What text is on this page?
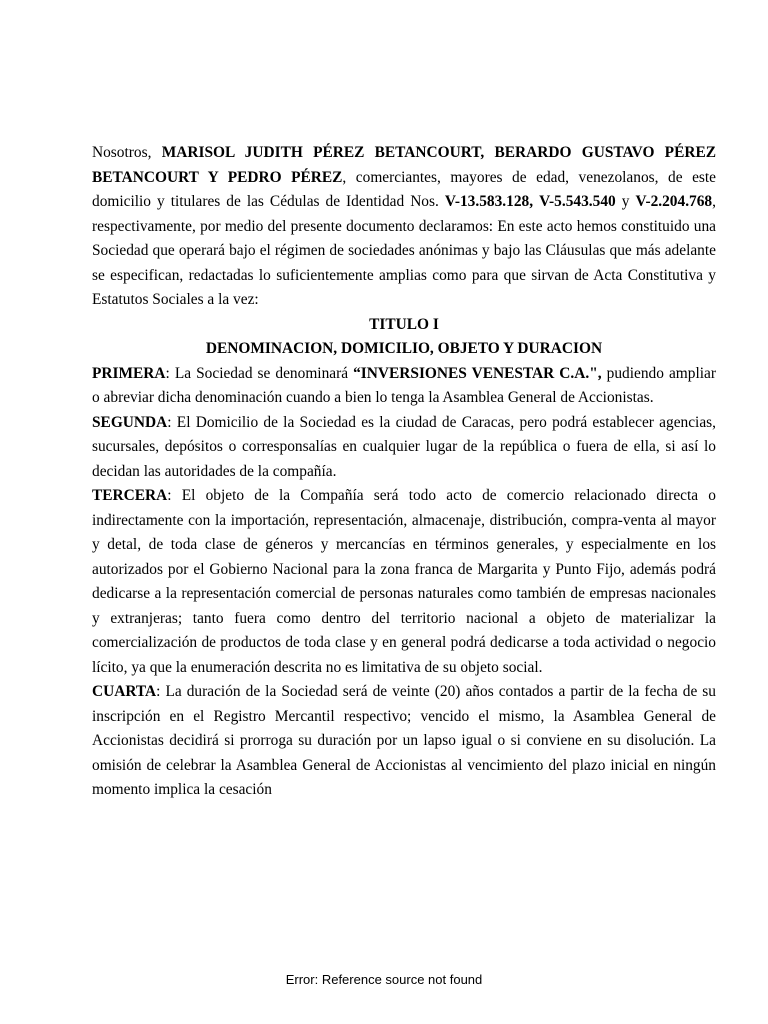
Nosotros, MARISOL JUDITH PÉREZ BETANCOURT, BERARDO GUSTAVO PÉREZ BETANCOURT Y PEDRO PÉREZ, comerciantes, mayores de edad, venezolanos, de este domicilio y titulares de las Cédulas de Identidad Nos. V-13.583.128, V-5.543.540 y V-2.204.768, respectivamente, por medio del presente documento declaramos: En este acto hemos constituido una Sociedad que operará bajo el régimen de sociedades anónimas y bajo las Cláusulas que más adelante se especifican, redactadas lo suficientemente amplias como para que sirvan de Acta Constitutiva y Estatutos Sociales a la vez:

TITULO I

DENOMINACION, DOMICILIO, OBJETO Y DURACION

PRIMERA: La Sociedad se denominará “INVERSIONES VENESTAR C.A.", pudiendo ampliar o abreviar dicha denominación cuando a bien lo tenga la Asamblea General de Accionistas.

SEGUNDA: El Domicilio de la Sociedad es la ciudad de Caracas, pero podrá establecer agencias, sucursales, depósitos o corresponsalías en cualquier lugar de la república o fuera de ella, si así lo decidan las autoridades de la compañía.

TERCERA: El objeto de la Compañía será todo acto de comercio relacionado directa o indirectamente con la importación, representación, almacenaje, distribución, compra-venta al mayor y detal, de toda clase de géneros y mercancías en términos generales, y especialmente en los autorizados por el Gobierno Nacional para la zona franca de Margarita y Punto Fijo, además podrá dedicarse a la representación comercial de personas naturales como también de empresas nacionales y extranjeras; tanto fuera como dentro del territorio nacional a objeto de materializar la comercialización de productos de toda clase y en general podrá dedicarse a toda actividad o negocio lícito, ya que la enumeración descrita no es limitativa de su objeto social.

CUARTA: La duración de la Sociedad será de veinte (20) años contados a partir de la fecha de su inscripción en el Registro Mercantil respectivo; vencido el mismo, la Asamblea General de Accionistas decidirá si prorroga su duración por un lapso igual o si conviene en su disolución. La omisión de celebrar la Asamblea General de Accionistas al vencimiento del plazo inicial en ningún momento implica la cesación

Error: Reference source not found
